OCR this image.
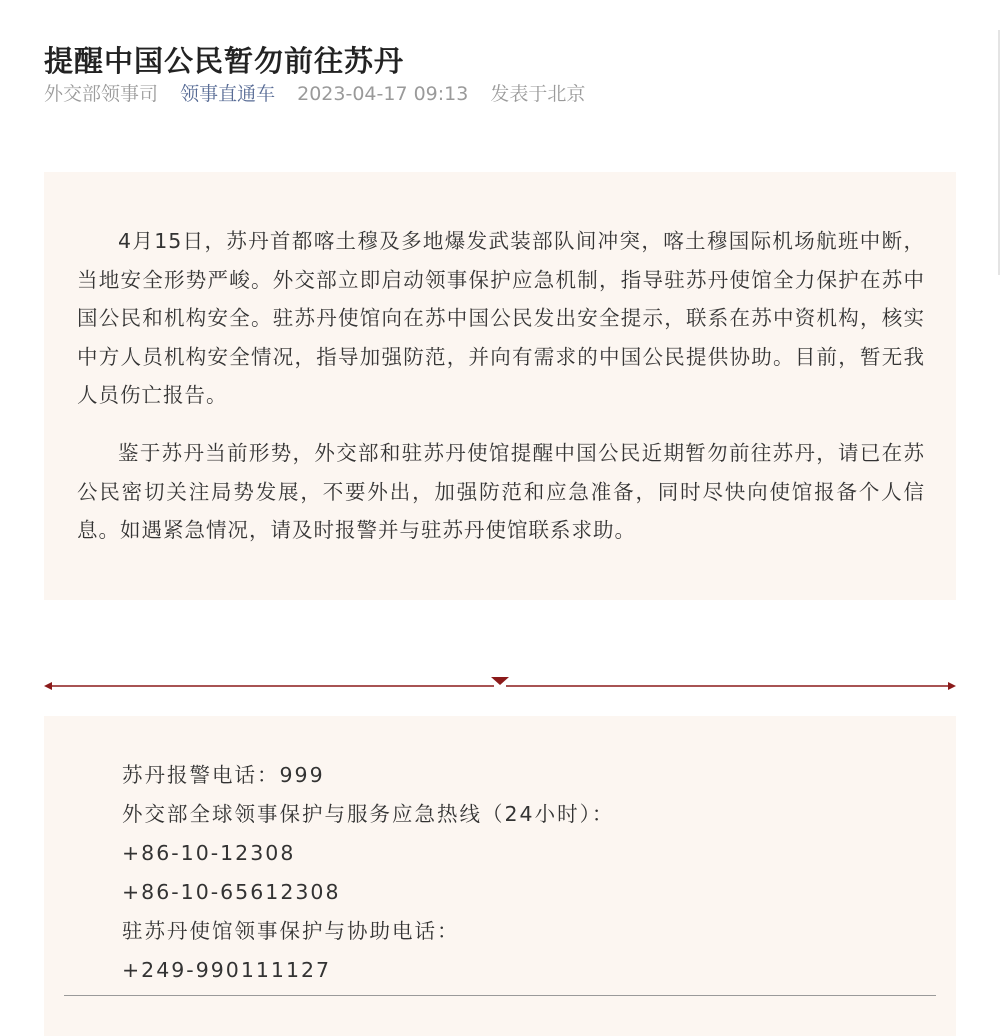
提醒中国公民暂勿前往苏丹
外交部领事司 领事直通车 2023-04-17 09:13 发表于北京

4月15日，苏丹首都喀土穆及多地爆发武装部队间冲突，喀土穆国际机场航班中断，当地安全形势严峻。外交部立即启动领事保护应急机制，指导驻苏丹使馆全力保护在苏中国公民和机构安全。驻苏丹使馆向在苏中国公民发出安全提示，联系在苏中资机构，核实中方人员机构安全情况，指导加强防范，并向有需求的中国公民提供协助。目前，暂无我人员伤亡报告。

鉴于苏丹当前形势，外交部和驻苏丹使馆提醒中国公民近期暂勿前往苏丹，请已在苏公民密切关注局势发展，不要外出，加强防范和应急准备，同时尽快向使馆报备个人信息。如遇紧急情况，请及时报警并与驻苏丹使馆联系求助。

苏丹报警电话：999
外交部全球领事保护与服务应急热线（24小时）：
+86-10-12308
+86-10-65612308
驻苏丹使馆领事保护与协助电话：
+249-990111127
